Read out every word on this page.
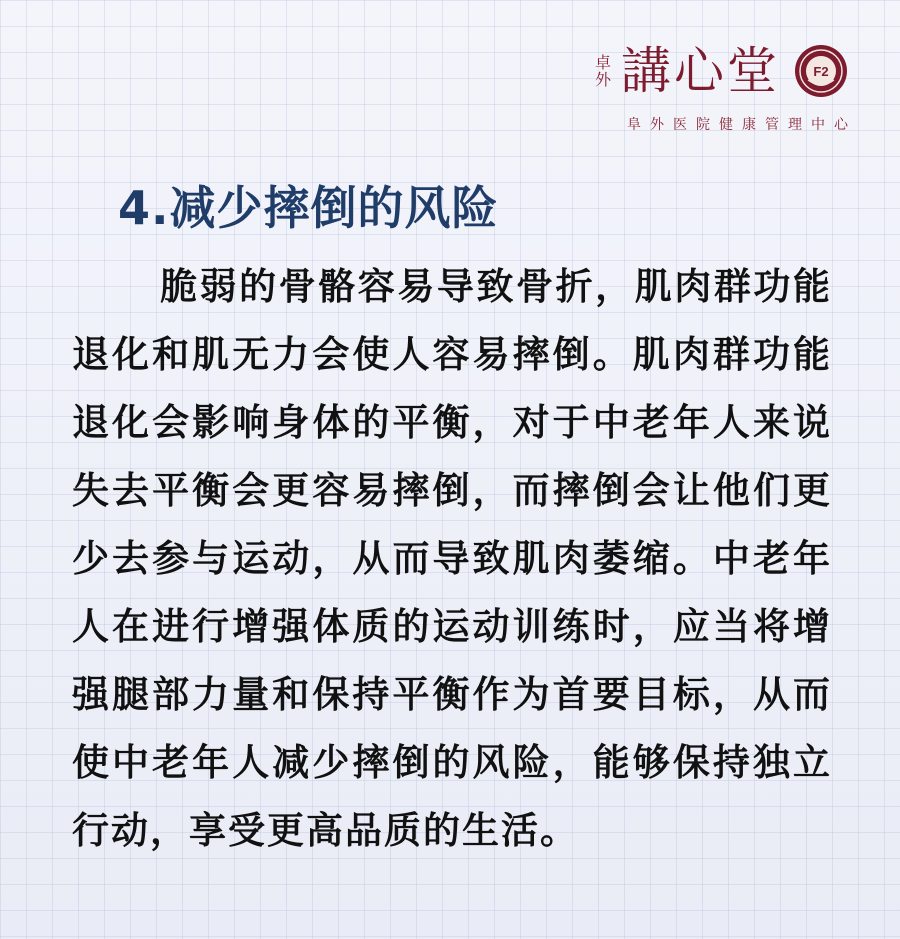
卓
外 講心堂	F2
阜外医院健康管理中心
4.减少摔倒的风险

脆弱的骨骼容易导致骨折，肌肉群功能退化和肌无力会使人容易摔倒。肌肉群功能退化会影响身体的平衡，对于中老年人来说失去平衡会更容易摔倒，而摔倒会让他们更少去参与运动，从而导致肌肉萎缩。中老年人在进行增强体质的运动训练时，应当将增强腿部力量和保持平衡作为首要目标，从而使中老年人减少摔倒的风险，能够保持独立行动，享受更高品质的生活。
